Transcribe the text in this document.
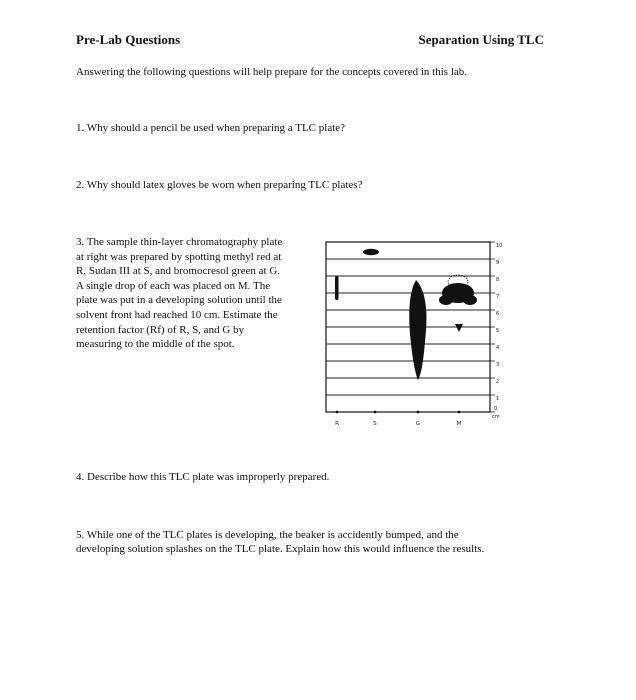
Pre-Lab Questions	Separation Using TLC
Answering the following questions will help prepare for the concepts covered in this lab.
1. Why should a pencil be used when preparing a TLC plate?
2. Why should latex gloves be worn when preparing TLC plates?
3. The sample thin-layer chromatography plate
at right was prepared by spotting methyl red at
R, Sudan III at S, and bromocresol green at G.
A single drop of each was placed on M. The
plate was put in a developing solution until the
solvent front had reached 10 cm. Estimate the
retention factor (Rf) of R, S, and G by
measuring to the middle of the spot.
10
9
8
7
6
5
4
3
2
1
0
cm
R	S	G	M
4. Describe how this TLC plate was improperly prepared.
5. While one of the TLC plates is developing, the beaker is accidently bumped, and the
developing solution splashes on the TLC plate. Explain how this would influence the results.
